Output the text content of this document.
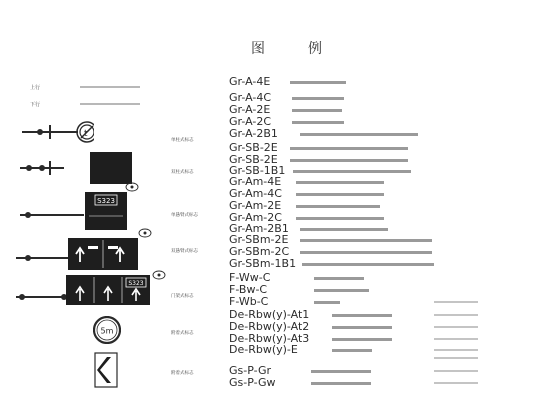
图	例
上行
下行
Gr-A-4E
Gr-A-4C
Gr-A-2E
Gr-A-2C
Gr-A-2B1
Gr-SB-2E
Gr-SB-2E
Gr-SB-1B1
Gr-Am-4E
Gr-Am-4C
Gr-Am-2E
Gr-Am-2C
Gr-Am-2B1
Gr-SBm-2E
Gr-SBm-2C
Gr-SBm-1B1
F-Ww-C
F-Bw-C
F-Wb-C
De-Rbw(y)-At1
De-Rbw(y)-At2
De-Rbw(y)-At3
De-Rbw(y)-E
Gs-P-Gr
Gs-P-Gw
单柱式标志
双柱式标志
单悬臂式标志
双悬臂式标志
门架式标志
附着式标志
附着式标志
t
S323
S323
5m
